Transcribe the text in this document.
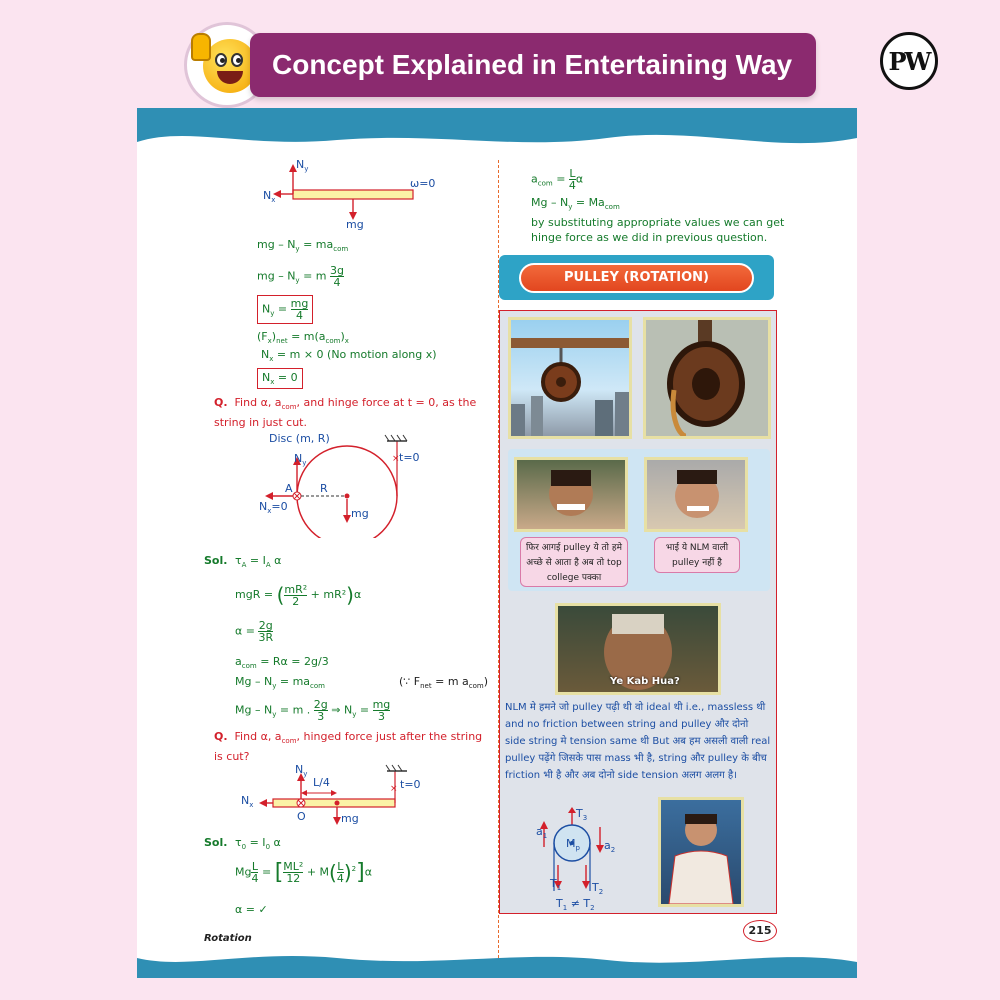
Concept Explained in Entertaining Way	PW
$N_y$
$N_x$
ω=0
mg
mg – $N_y = ma_{com}$
mg – $N_y = m \frac{3g}{4}$
$N_y = \frac{mg}{4}$
$(F_x)_{net} = m(a_{com})_x$
$N_x = m \times 0$ (No motion along x)
$N_x = 0$
Q. Find α, $a_{com}$, and hinge force at t = 0, as the string in just cut.
×
Disc (m, R)
$N_y$
A R
$N_x=0$
t=0
mg
Sol. $\tau_A = I_A$ α
mgR = ( $\frac{\text{mR²}}{2} + mR^2)\alpha$
$\alpha = \frac{2g}{3R}$
$a_{com} = R\alpha = 2g/3$
$Mg - N_y = ma_{com}$	(∵ $F_{net} = m$ $a_{com}$)
$Mg - N_y = m$ . $\frac{2g}{3}$ ⇒ $N_y = \frac{mg}{3}$
Q. Find α, $a_{com}$, hinged force just after the string is cut?
×
$N_y$
L/4
$N_x$
O	mg
t=0
Sol. $\tau_0 = I_0$ α
Mg $\frac{L}{4}$ = [ $\frac{\text{ML²}}{12} + M( \frac{L}{4} )^2]\alpha$
α = ✓
$a_{com} = \frac{L}{4}$ α
$Mg - N_y = Ma_{com}$
by substituting appropriate values we can get hinge force as we did in previous question.
PULLEY (ROTATION)
फिर आगई pulley ये तो हमे अच्छे से आता है अब तो top college पक्का
भाई ये NLM वाली pulley नहीं है
Ye Kab Hua?
NLM मे हमने जो pulley पढ़ी थी वो ideal थी i.e., massless थी and no friction between string and pulley और दोनो side string मे tension same थी But अब हम असली वाली real pulley पढ़ेंगे जिसके पास mass भी है, string और pulley के बीच friction भी है और अब दोनो side tension अलग अलग है।
$a_1$
$T_3$
$M_p$ $a_2$
$T_1$	$T_2$
$T_1 \ne T_2$
Rotation
215
